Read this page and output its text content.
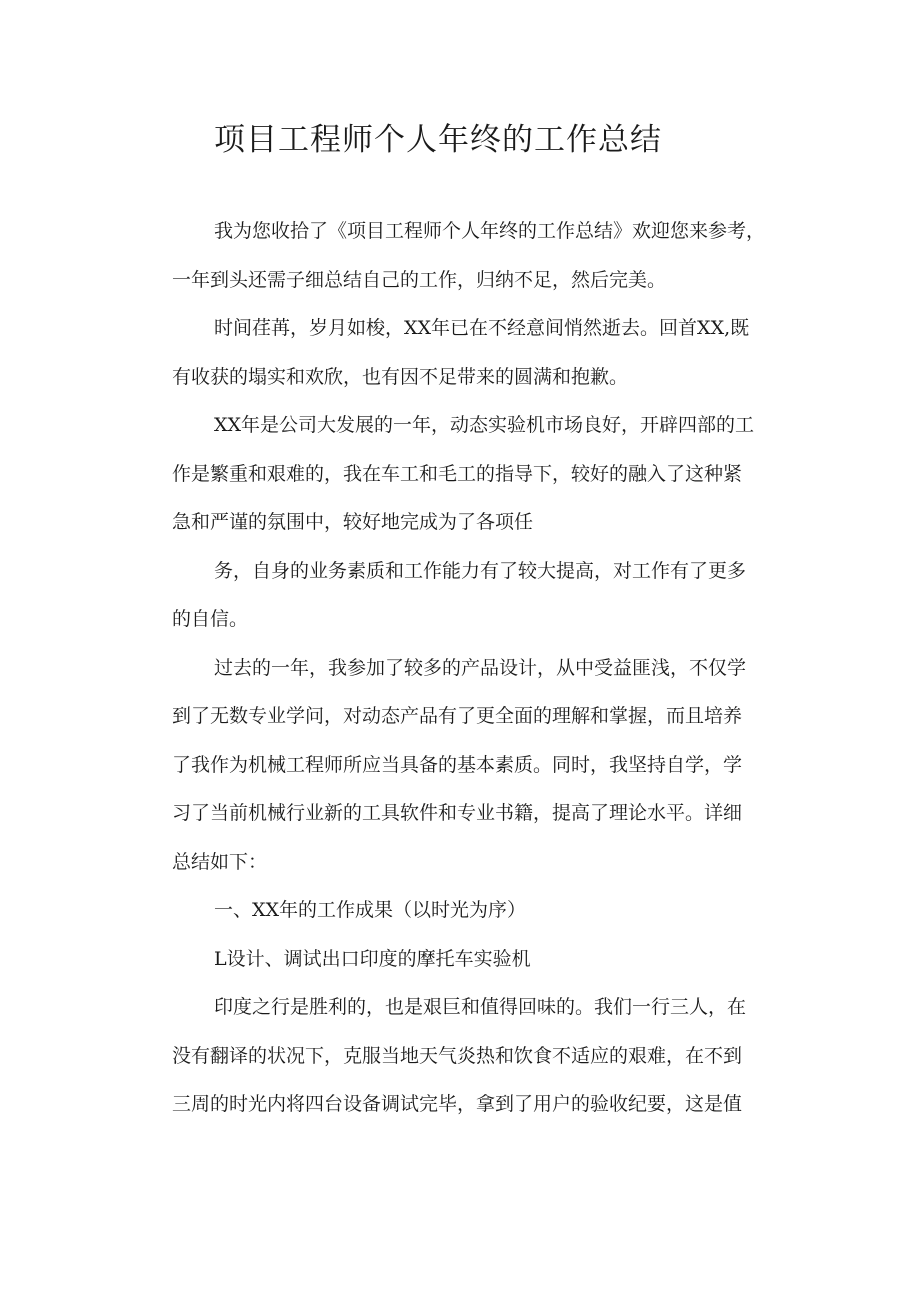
项目工程师个人年终的工作总结
我为您收拾了《项目工程师个人年终的工作总结》欢迎您来参考，
一年到头还需子细总结自己的工作，归纳不足，然后完美。
时间荏苒，岁月如梭，XX年已在不经意间悄然逝去。回首XX,既
有收获的塌实和欢欣，也有因不足带来的圆满和抱歉。
XX年是公司大发展的一年，动态实验机市场良好，开辟四部的工
作是繁重和艰难的，我在车工和毛工的指导下，较好的融入了这种紧
急和严谨的氛围中，较好地完成为了各项任
务，自身的业务素质和工作能力有了较大提高，对工作有了更多
的自信。
过去的一年，我参加了较多的产品设计，从中受益匪浅，不仅学
到了无数专业学问，对动态产品有了更全面的理解和掌握，而且培养
了我作为机械工程师所应当具备的基本素质。同时，我坚持自学，学
习了当前机械行业新的工具软件和专业书籍，提高了理论水平。详细
总结如下：
一、XX年的工作成果（以时光为序）
L设计、调试出口印度的摩托车实验机
印度之行是胜利的，也是艰巨和值得回味的。我们一行三人，在
没有翻译的状况下，克服当地天气炎热和饮食不适应的艰难，在不到
三周的时光内将四台设备调试完毕，拿到了用户的验收纪要，这是值
